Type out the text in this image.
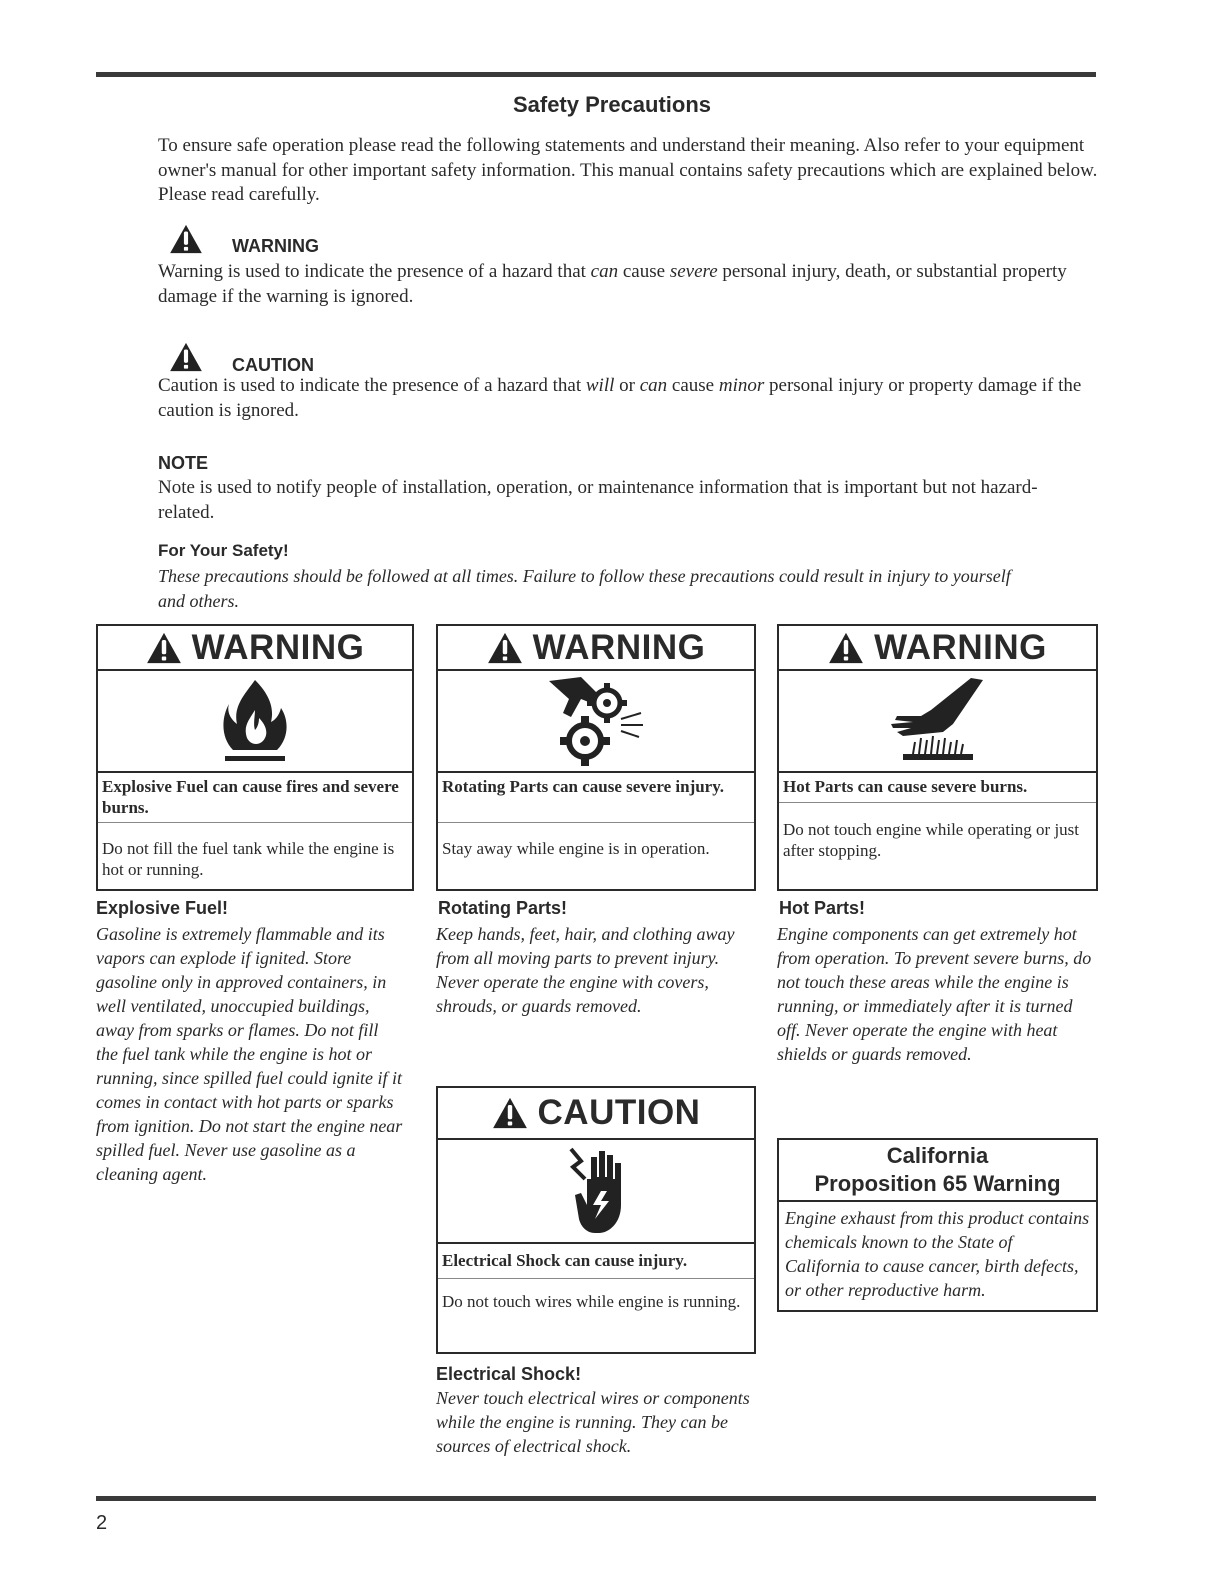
Safety Precautions
To ensure safe operation please read the following statements and understand their meaning. Also refer to your equipment owner's manual for other important safety information. This manual contains safety precautions which are explained below. Please read carefully.
WARNING
Warning is used to indicate the presence of a hazard that can cause severe personal injury, death, or substantial property damage if the warning is ignored.
CAUTION
Caution is used to indicate the presence of a hazard that will or can cause minor personal injury or property damage if the caution is ignored.
NOTE
Note is used to notify people of installation, operation, or maintenance information that is important but not hazard-related.
For Your Safety!
These precautions should be followed at all times. Failure to follow these precautions could result in injury to yourself and others.
WARNING
Explosive Fuel can cause fires and severe burns.
Do not fill the fuel tank while the engine is hot or running.
WARNING
Rotating Parts can cause severe injury.
Stay away while engine is in operation.
WARNING
Hot Parts can cause severe burns.
Do not touch engine while operating or just after stopping.
Explosive Fuel!
Gasoline is extremely flammable and its vapors can explode if ignited. Store gasoline only in approved containers, in well ventilated, unoccupied buildings, away from sparks or flames. Do not fill the fuel tank while the engine is hot or running, since spilled fuel could ignite if it comes in contact with hot parts or sparks from ignition. Do not start the engine near spilled fuel. Never use gasoline as a cleaning agent.
Rotating Parts!
Keep hands, feet, hair, and clothing away from all moving parts to prevent injury. Never operate the engine with covers, shrouds, or guards removed.
Hot Parts!
Engine components can get extremely hot from operation. To prevent severe burns, do not touch these areas while the engine is running, or immediately after it is turned off. Never operate the engine with heat shields or guards removed.
CAUTION
Electrical Shock can cause injury.
Do not touch wires while engine is running.
Electrical Shock!
Never touch electrical wires or components while the engine is running. They can be sources of electrical shock.
California
Proposition 65 Warning
Engine exhaust from this product contains chemicals known to the State of California to cause cancer, birth defects, or other reproductive harm.
2
